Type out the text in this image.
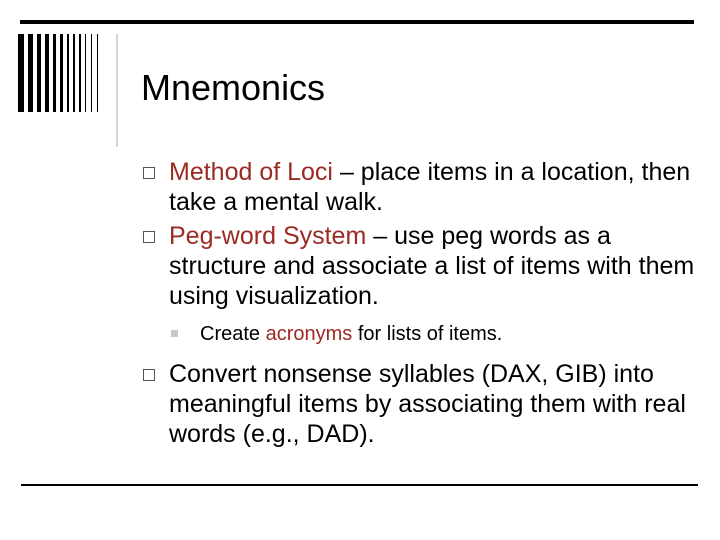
Mnemonics
Method of Loci – place items in a location, then take a mental walk.
Peg-word System – use peg words as a structure and associate a list of items with them using visualization.
Create acronyms for lists of items.
Convert nonsense syllables (DAX, GIB) into meaningful items by associating them with real words (e.g., DAD).
